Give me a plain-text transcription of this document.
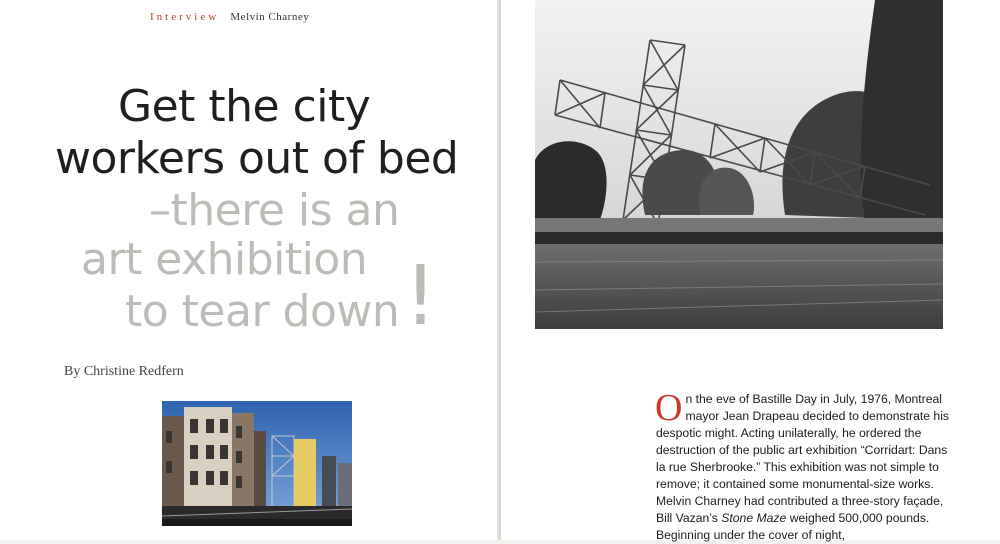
Interview Melvin Charney
Get the city
workers out of bed
–there is an
art exhibition
to tear down !
By Christine Redfern
On the eve of Bastille Day in July, 1976, Montreal mayor Jean Drapeau decided to demonstrate his despotic might. Acting unilaterally, he ordered the destruction of the public art exhibition “Corridart: Dans la rue Sherbrooke.” This exhibition was not simple to remove; it contained some monumental-size works. Melvin Charney had contributed a three-story façade, Bill Vazan’s Stone Maze weighed 500,000 pounds. Beginning under the cover of night,
